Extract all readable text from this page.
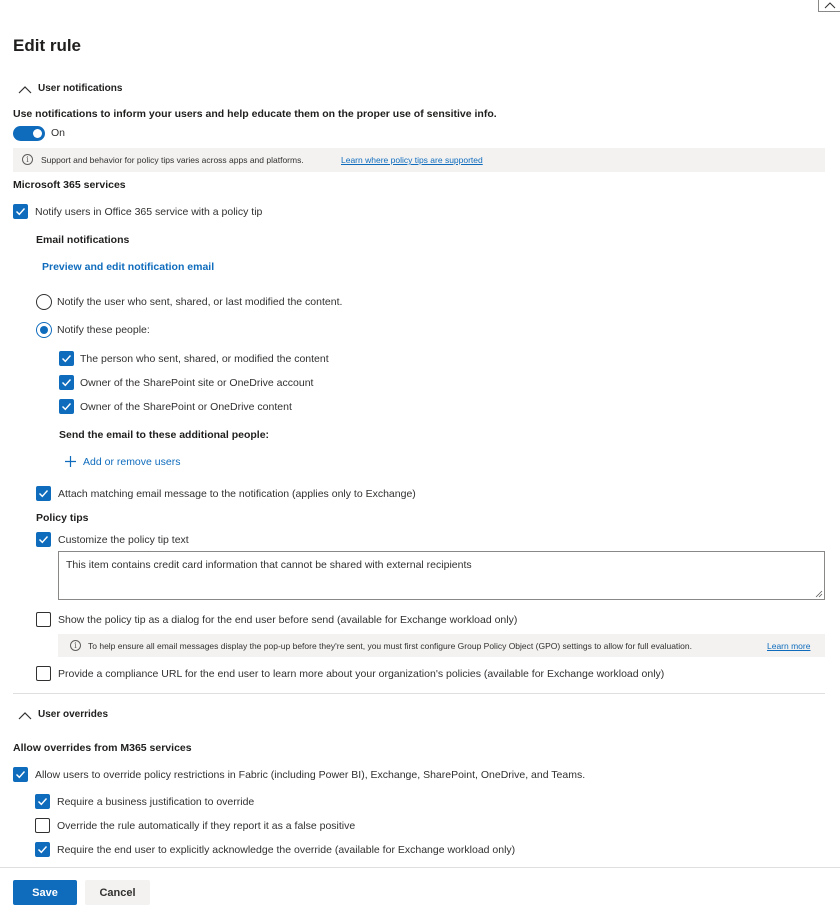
Edit rule
User notifications
Use notifications to inform your users and help educate them on the proper use of sensitive info.
On
i	Support and behavior for policy tips varies across apps and platforms.	Learn where policy tips are supported
Microsoft 365 services
Notify users in Office 365 service with a policy tip
Email notifications
Preview and edit notification email
Notify the user who sent, shared, or last modified the content.
Notify these people:
The person who sent, shared, or modified the content
Owner of the SharePoint site or OneDrive account
Owner of the SharePoint or OneDrive content
Send the email to these additional people:
Add or remove users
Attach matching email message to the notification (applies only to Exchange)
Policy tips
Customize the policy tip text
This item contains credit card information that cannot be shared with external recipients
Show the policy tip as a dialog for the end user before send (available for Exchange workload only)
i	To help ensure all email messages display the pop-up before they're sent, you must first configure Group Policy Object (GPO) settings to allow for full evaluation.	Learn more
Provide a compliance URL for the end user to learn more about your organization's policies (available for Exchange workload only)
User overrides
Allow overrides from M365 services
Allow users to override policy restrictions in Fabric (including Power BI), Exchange, SharePoint, OneDrive, and Teams.
Require a business justification to override
Override the rule automatically if they report it as a false positive
Require the end user to explicitly acknowledge the override (available for Exchange workload only)
Save	Cancel
